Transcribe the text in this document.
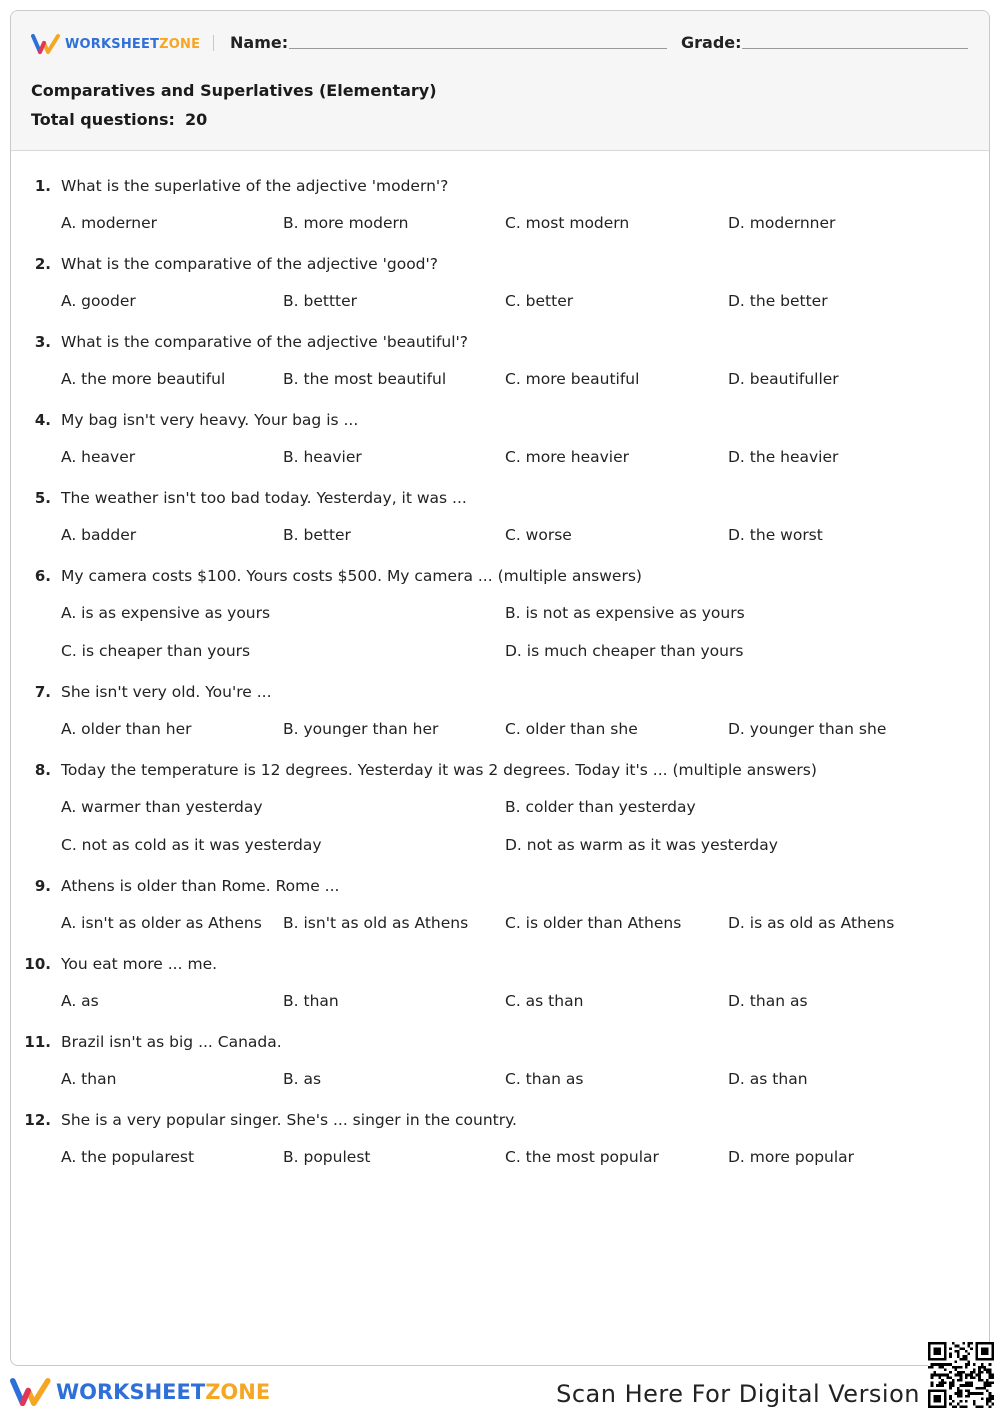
WORKSHEETZONE Name:	Grade:
Comparatives and Superlatives (Elementary)
Total questions: 20
1. What is the superlative of the adjective 'modern'?
A. moderner	B. more modern	C. most modern	D. modernner
2. What is the comparative of the adjective 'good'?
A. gooder	B. bettter	C. better	D. the better
3. What is the comparative of the adjective 'beautiful'?
A. the more beautiful	B. the most beautiful	C. more beautiful	D. beautifuller
4. My bag isn't very heavy. Your bag is ...
A. heaver	B. heavier	C. more heavier	D. the heavier
5. The weather isn't too bad today. Yesterday, it was ...
A. badder	B. better	C. worse	D. the worst
6. My camera costs $100. Yours costs $500. My camera ... (multiple answers)
A. is as expensive as yours	B. is not as expensive as yours
C. is cheaper than yours	D. is much cheaper than yours
7. She isn't very old. You're ...
A. older than her	B. younger than her	C. older than she	D. younger than she
8. Today the temperature is 12 degrees. Yesterday it was 2 degrees. Today it's ... (multiple answers)
A. warmer than yesterday	B. colder than yesterday
C. not as cold as it was yesterday	D. not as warm as it was yesterday
9. Athens is older than Rome. Rome ...
A. isn't as older as Athens B. isn't as old as Athens C. is older than Athens	D. is as old as Athens
10. You eat more ... me.
A. as	B. than	C. as than	D. than as
11. Brazil isn't as big ... Canada.
A. than	B. as	C. than as	D. as than
12. She is a very popular singer. She's ... singer in the country.
A. the popularest	B. populest	C. the most popular	D. more popular
WORKSHEETZONE	Scan Here For Digital Version
